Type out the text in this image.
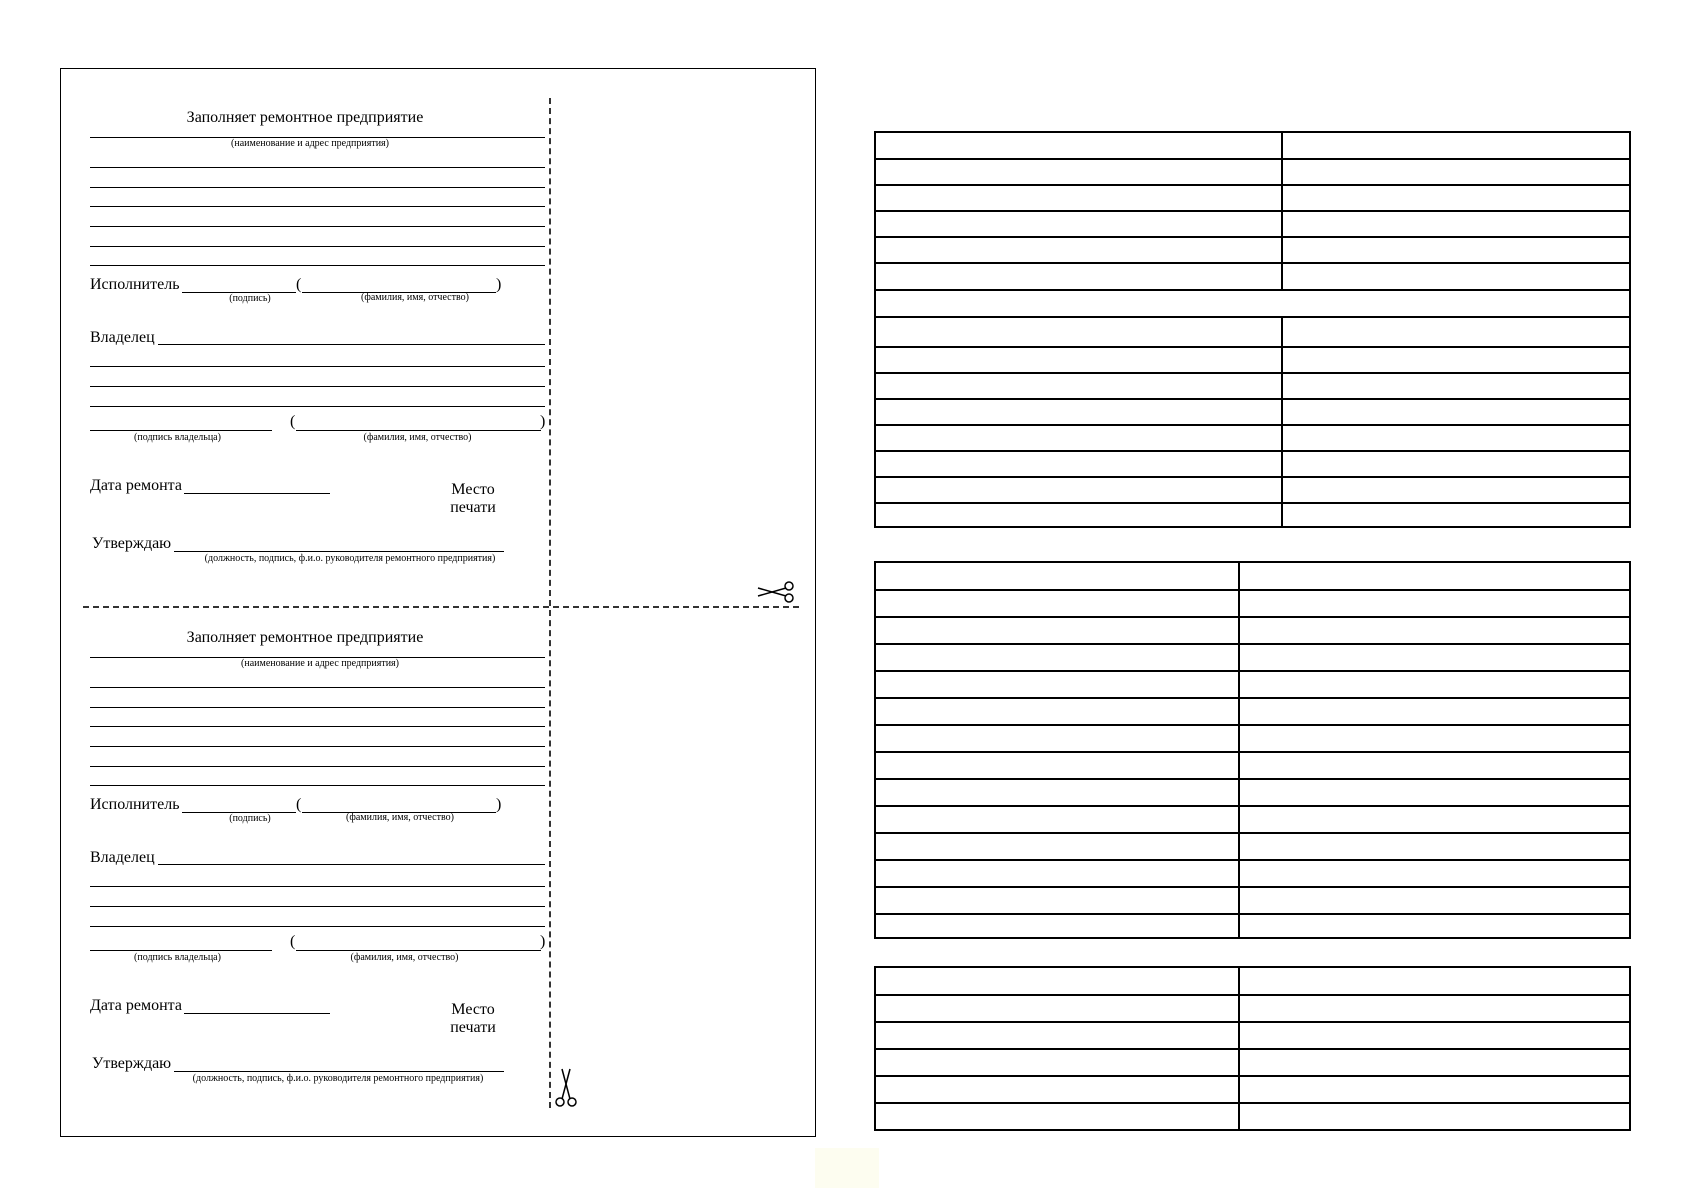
Заполняет ремонтное предприятие
(наименование и адрес предприятия)
Исполнитель	(	)
(подпись)	(фамилия, имя, отчество)
Владелец
(	)
(подпись владельца)	(фамилия, имя, отчество)
Дата ремонта	Место
печати
Утверждаю
(должность, подпись, ф.и.о. руководителя ремонтного предприятия)
Заполняет ремонтное предприятие
(наименование и адрес предприятия)
Исполнитель	(	)
(подпись)	(фамилия, имя, отчество)
Владелец
(	)
(подпись владельца)	(фамилия, имя, отчество)
Дата ремонта	Место
печати
Утверждаю
(должность, подпись, ф.и.о. руководителя ремонтного предприятия)
